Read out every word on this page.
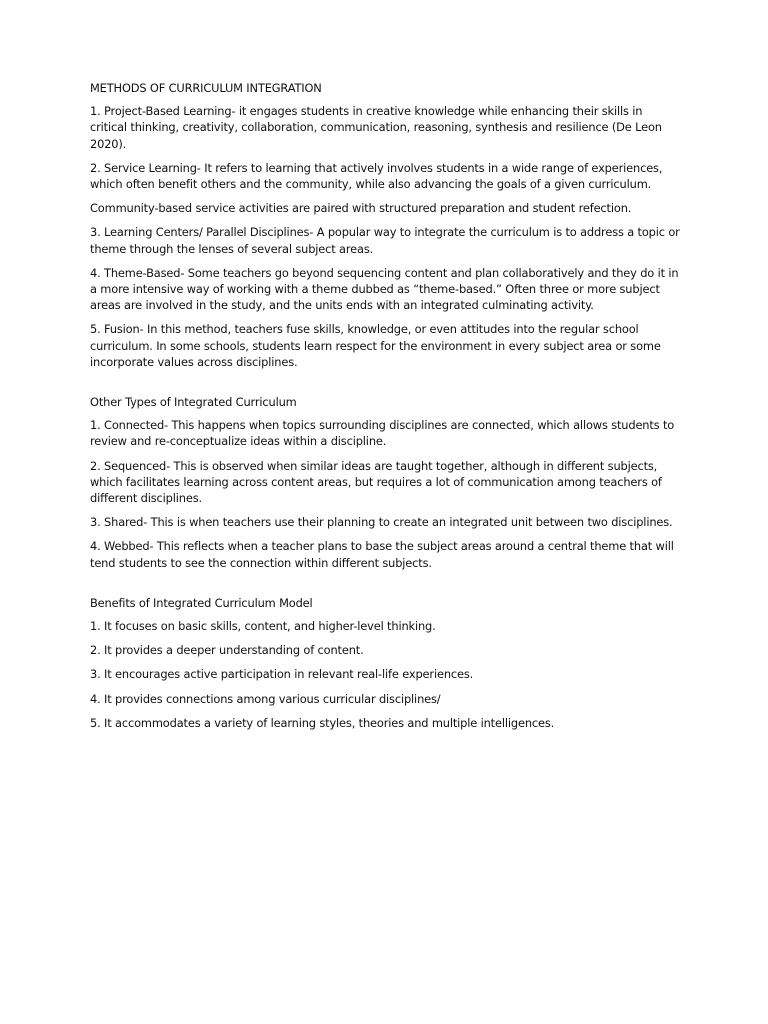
METHODS OF CURRICULUM INTEGRATION

1. Project-Based Learning- it engages students in creative knowledge while enhancing their skills in critical thinking, creativity, collaboration, communication, reasoning, synthesis and resilience (De Leon 2020).

2. Service Learning- It refers to learning that actively involves students in a wide range of experiences, which often benefit others and the community, while also advancing the goals of a given curriculum.

Community-based service activities are paired with structured preparation and student refection.

3. Learning Centers/ Parallel Disciplines- A popular way to integrate the curriculum is to address a topic or theme through the lenses of several subject areas.

4. Theme-Based- Some teachers go beyond sequencing content and plan collaboratively and they do it in a more intensive way of working with a theme dubbed as “theme-based.” Often three or more subject areas are involved in the study, and the units ends with an integrated culminating activity.

5. Fusion- In this method, teachers fuse skills, knowledge, or even attitudes into the regular school curriculum. In some schools, students learn respect for the environment in every subject area or some incorporate values across disciplines.

Other Types of Integrated Curriculum

1. Connected- This happens when topics surrounding disciplines are connected, which allows students to review and re-conceptualize ideas within a discipline.

2. Sequenced- This is observed when similar ideas are taught together, although in different subjects, which facilitates learning across content areas, but requires a lot of communication among teachers of different disciplines.

3. Shared- This is when teachers use their planning to create an integrated unit between two disciplines.

4. Webbed- This reflects when a teacher plans to base the subject areas around a central theme that will tend students to see the connection within different subjects.

Benefits of Integrated Curriculum Model

1. It focuses on basic skills, content, and higher-level thinking.

2. It provides a deeper understanding of content.

3. It encourages active participation in relevant real-life experiences.

4. It provides connections among various curricular disciplines/

5. It accommodates a variety of learning styles, theories and multiple intelligences.
